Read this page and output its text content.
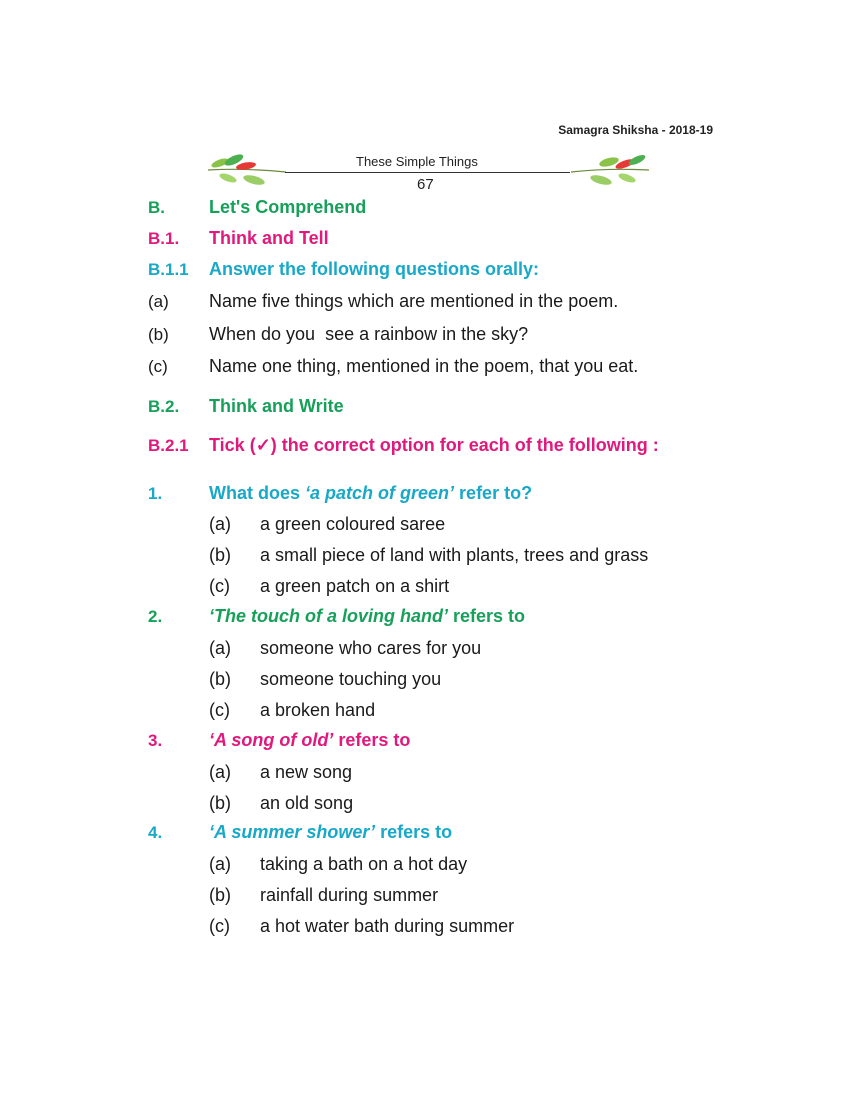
Samagra Shiksha - 2018-19
These Simple Things
67
B. Let's Comprehend
B.1. Think and Tell
B.1.1 Answer the following questions orally:
(a) Name five things which are mentioned in the poem.
(b) When do you  see a rainbow in the sky?
(c) Name one thing, mentioned in the poem, that you eat.
B.2. Think and Write
B.2.1 Tick (✓) the correct option for each of the following :
1.	What does ‘a patch of green’ refer to?
(a) a green coloured saree
(b) a small piece of land with plants, trees and grass
(c) a green patch on a shirt
2.	‘The touch of a loving hand’ refers to
(a) someone who cares for you
(b) someone touching you
(c) a broken hand
3.	‘A song of old’ refers to
(a) a new song
(b) an old song
4.	‘A summer shower’ refers to
(a) taking a bath on a hot day
(b) rainfall during summer
(c) a hot water bath during summer
